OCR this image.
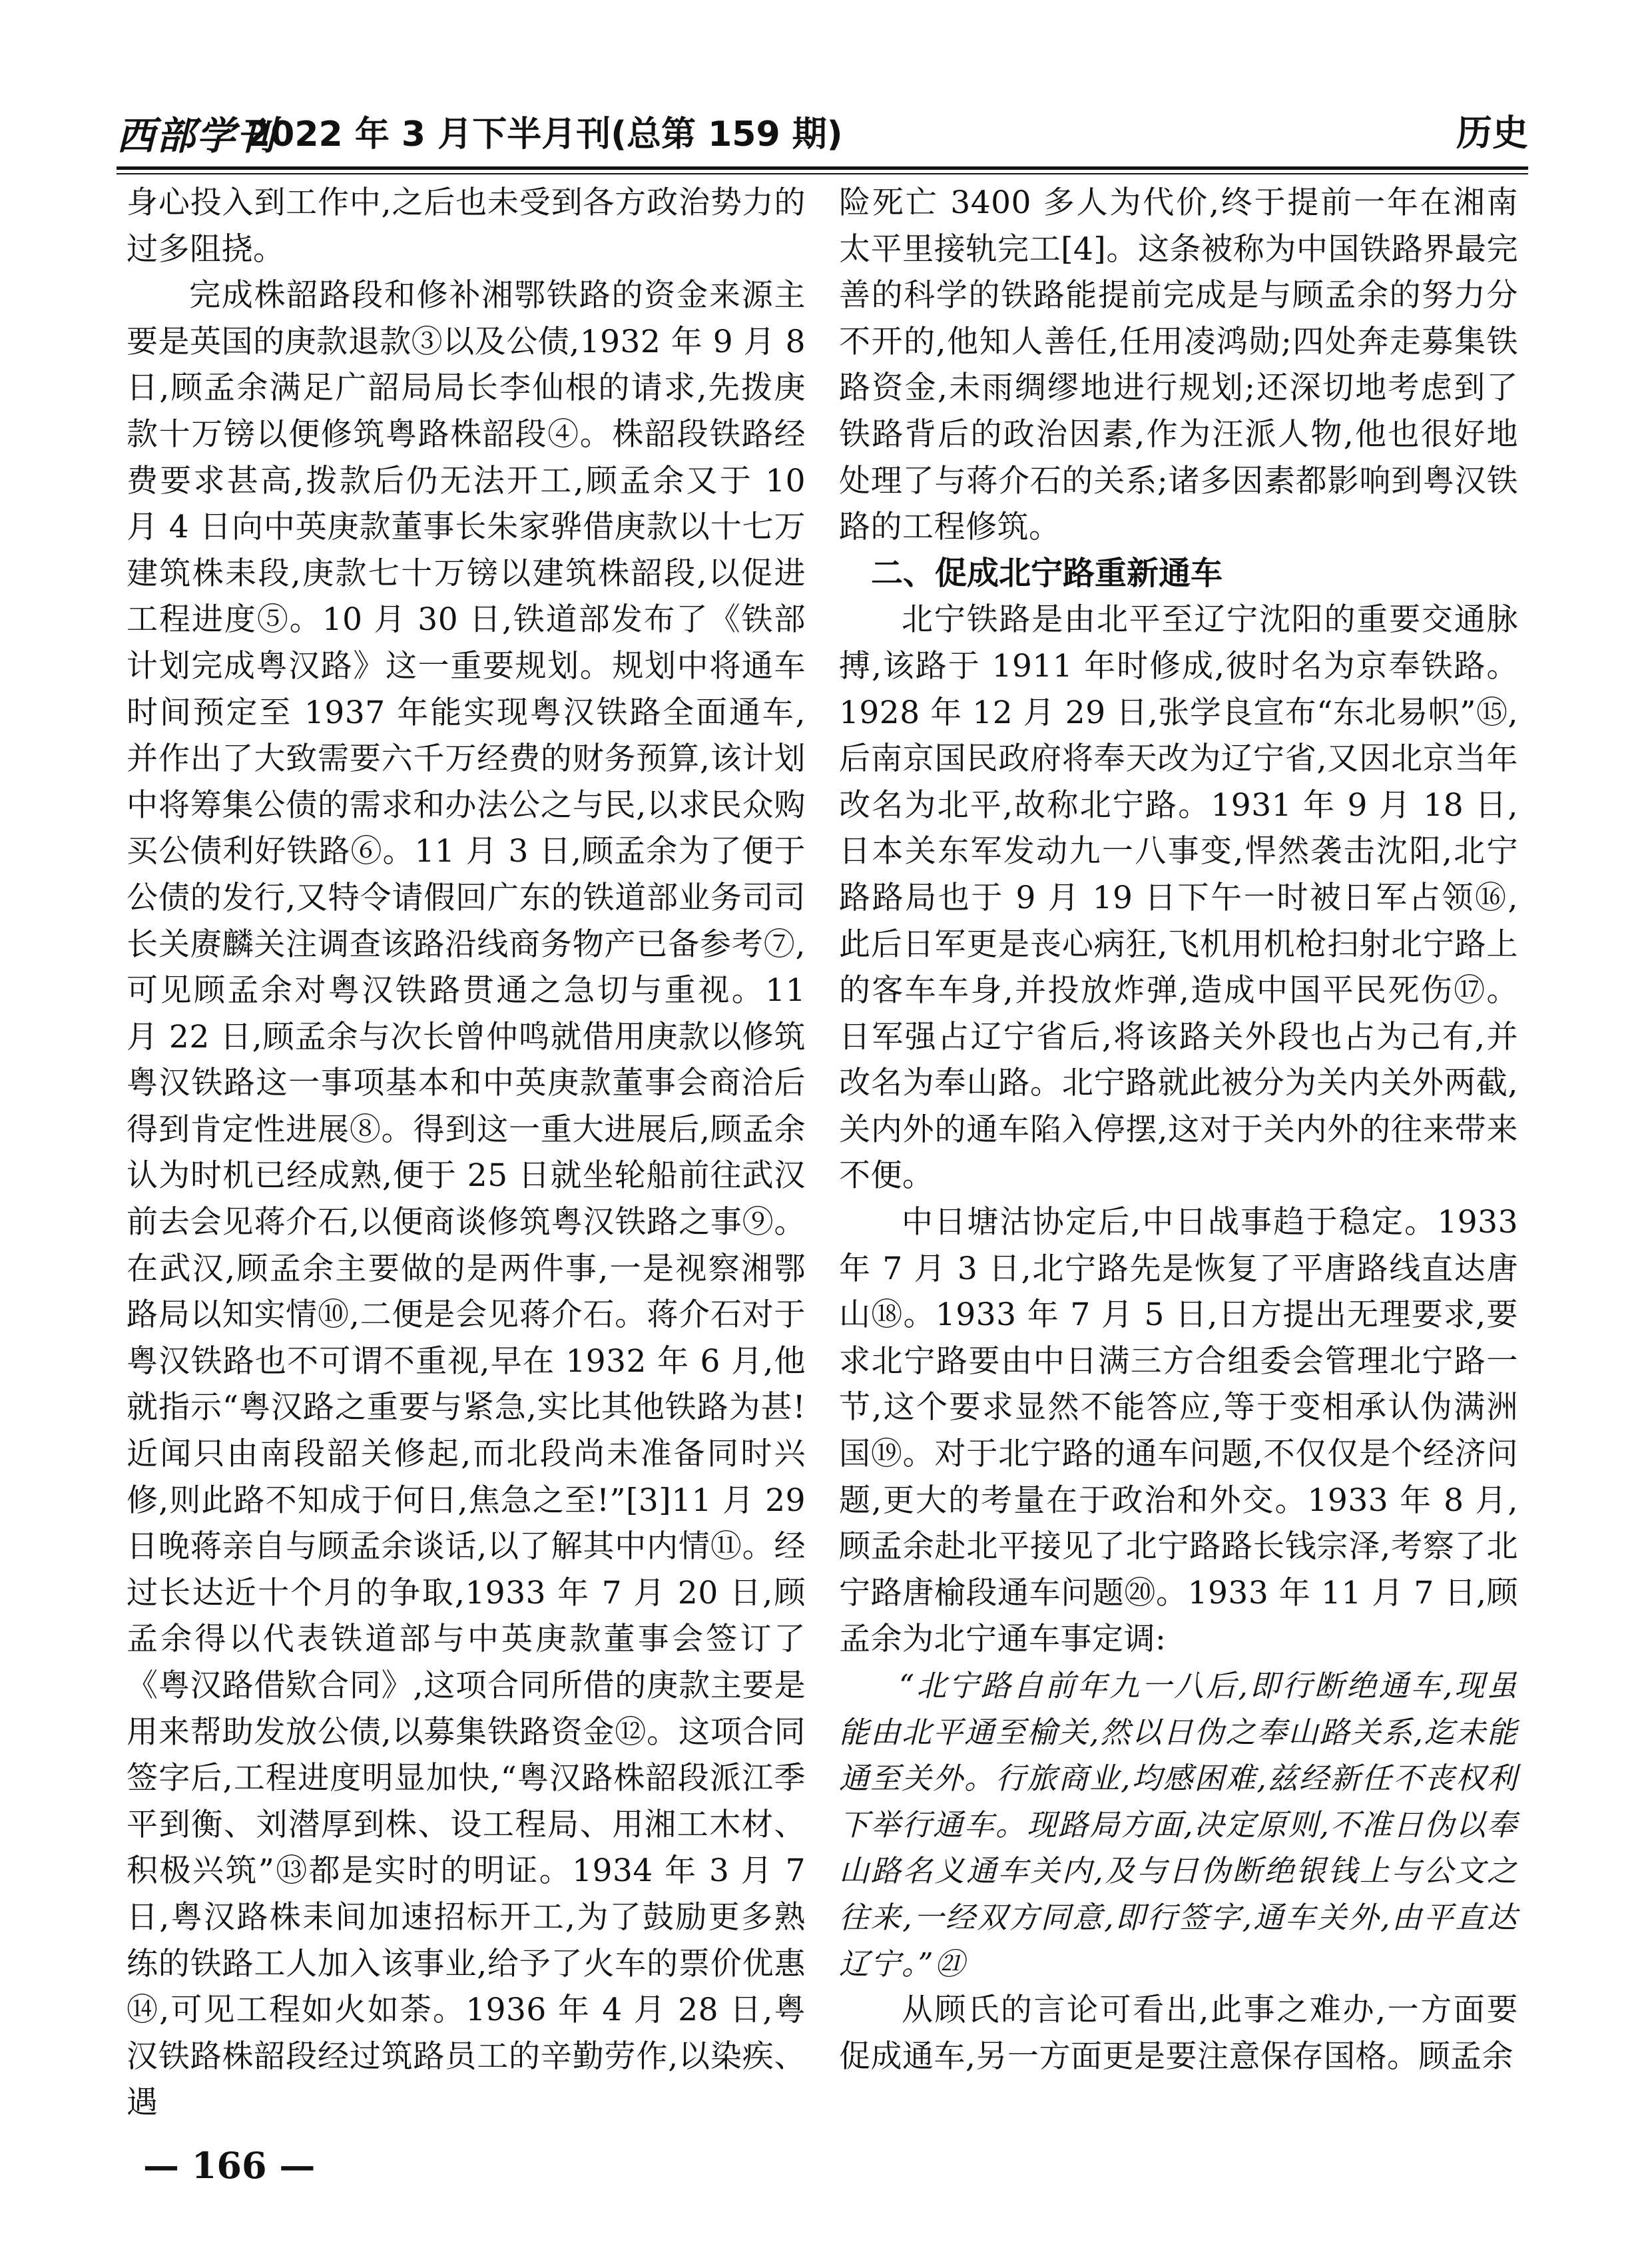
西部学刊
2022 年 3 月下半月刊(总第 159 期)	历史

身心投入到工作中,之后也未受到各方政治势力的过多阻挠。

完成株韶路段和修补湘鄂铁路的资金来源主要是英国的庚款退款③以及公债,1932 年 9 月 8 日,顾孟余满足广韶局局长李仙根的请求,先拨庚款十万镑以便修筑粤路株韶段④。株韶段铁路经费要求甚高,拨款后仍无法开工,顾孟余又于 10 月 4 日向中英庚款董事长朱家骅借庚款以十七万建筑株耒段,庚款七十万镑以建筑株韶段,以促进工程进度⑤。10 月 30 日,铁道部发布了《铁部计划完成粤汉路》这一重要规划。规划中将通车时间预定至 1937 年能实现粤汉铁路全面通车,并作出了大致需要六千万经费的财务预算,该计划中将筹集公债的需求和办法公之与民,以求民众购买公债利好铁路⑥。11 月 3 日,顾孟余为了便于公债的发行,又特令请假回广东的铁道部业务司司长关赓麟关注调查该路沿线商务物产已备参考⑦,可见顾孟余对粤汉铁路贯通之急切与重视。11 月 22 日,顾孟余与次长曾仲鸣就借用庚款以修筑粤汉铁路这一事项基本和中英庚款董事会商洽后得到肯定性进展⑧。得到这一重大进展后,顾孟余认为时机已经成熟,便于 25 日就坐轮船前往武汉前去会见蒋介石,以便商谈修筑粤汉铁路之事⑨。在武汉,顾孟余主要做的是两件事,一是视察湘鄂路局以知实情⑩,二便是会见蒋介石。蒋介石对于粤汉铁路也不可谓不重视,早在 1932 年 6 月,他就指示“粤汉路之重要与紧急,实比其他铁路为甚! 近闻只由南段韶关修起,而北段尚未准备同时兴修,则此路不知成于何日,焦急之至!”[3]11 月 29 日晚蒋亲自与顾孟余谈话,以了解其中内情⑪。经过长达近十个月的争取,1933 年 7 月 20 日,顾孟余得以代表铁道部与中英庚款董事会签订了《粤汉路借欵合同》,这项合同所借的庚款主要是用来帮助发放公债,以募集铁路资金⑫。这项合同签字后,工程进度明显加快,“粤汉路株韶段派江季平到衡、刘潜厚到株、设工程局、用湘工木材、积极兴筑”⑬都是实时的明证。1934 年 3 月 7 日,粤汉路株耒间加速招标开工,为了鼓励更多熟练的铁路工人加入该事业,给予了火车的票价优惠⑭,可见工程如火如荼。1936 年 4 月 28 日,粤汉铁路株韶段经过筑路员工的辛勤劳作,以染疾、遇

险死亡 3400 多人为代价,终于提前一年在湘南太平里接轨完工[4]。这条被称为中国铁路界最完善的科学的铁路能提前完成是与顾孟余的努力分不开的,他知人善任,任用凌鸿勋;四处奔走募集铁路资金,未雨绸缪地进行规划;还深切地考虑到了铁路背后的政治因素,作为汪派人物,他也很好地处理了与蒋介石的关系;诸多因素都影响到粤汉铁路的工程修筑。

二、促成北宁路重新通车

北宁铁路是由北平至辽宁沈阳的重要交通脉搏,该路于 1911 年时修成,彼时名为京奉铁路。1928 年 12 月 29 日,张学良宣布“东北易帜”⑮,后南京国民政府将奉天改为辽宁省,又因北京当年改名为北平,故称北宁路。1931 年 9 月 18 日,日本关东军发动九一八事变,悍然袭击沈阳,北宁路路局也于 9 月 19 日下午一时被日军占领⑯,此后日军更是丧心病狂,飞机用机枪扫射北宁路上的客车车身,并投放炸弹,造成中国平民死伤⑰。日军强占辽宁省后,将该路关外段也占为己有,并改名为奉山路。北宁路就此被分为关内关外两截,关内外的通车陷入停摆,这对于关内外的往来带来不便。

中日塘沽协定后,中日战事趋于稳定。1933 年 7 月 3 日,北宁路先是恢复了平唐路线直达唐山⑱。1933 年 7 月 5 日,日方提出无理要求,要求北宁路要由中日满三方合组委会管理北宁路一节,这个要求显然不能答应,等于变相承认伪满洲国⑲。对于北宁路的通车问题,不仅仅是个经济问题,更大的考量在于政治和外交。1933 年 8 月,顾孟余赴北平接见了北宁路路长钱宗泽,考察了北宁路唐榆段通车问题⑳。1933 年 11 月 7 日,顾孟余为北宁通车事定调:

“北宁路自前年九一八后,即行断绝通车,现虽能由北平通至榆关,然以日伪之奉山路关系,迄未能通至关外。行旅商业,均感困难,兹经新任不丧权利下举行通车。现路局方面,决定原则,不准日伪以奉山路名义通车关内,及与日伪断绝银钱上与公文之往来,一经双方同意,即行签字,通车关外,由平直达辽宁。”㉑

从顾氏的言论可看出,此事之难办,一方面要促成通车,另一方面更是要注意保存国格。顾孟余

— 166 —
